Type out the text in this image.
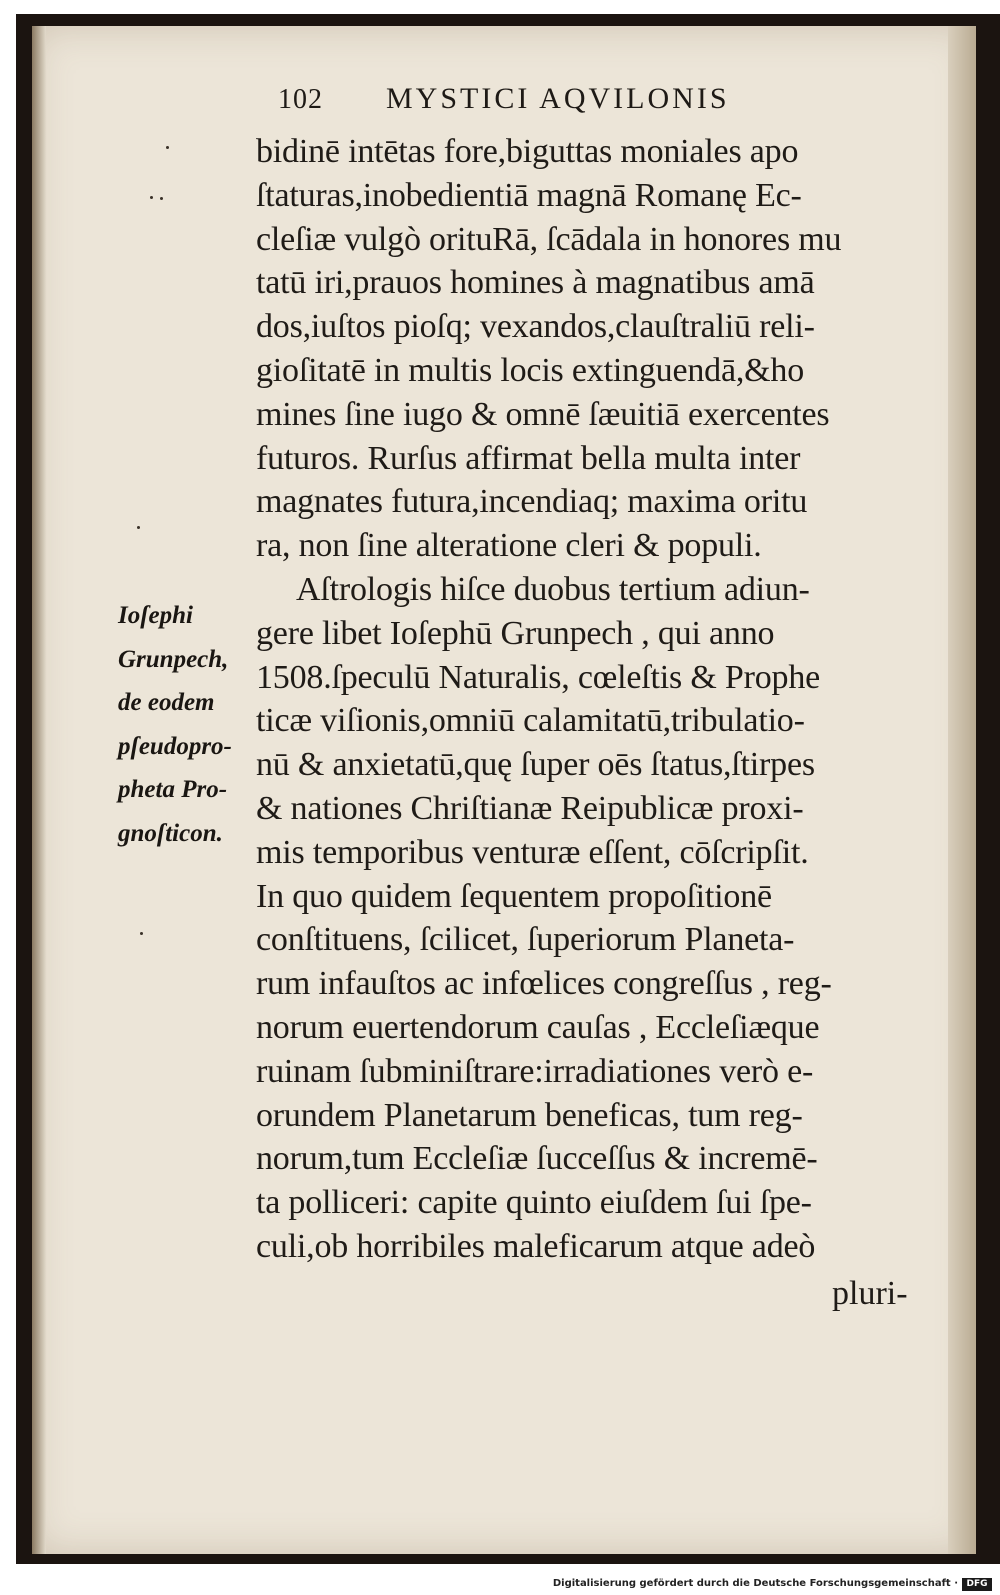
102 MYSTICI AQVILONIS
Ioſephi
Grunpech,
de eodem
pſeudopro-
pheta Pro-
gnoſticon.
bidinē intētas fore,biguttas moniales apo
ſtaturas,inobedientiā magnā Romanę Ec-
cleſiæ vulgò orituRā, ſcādala in honores mu
tatū iri,prauos homines à magnatibus amā
dos,iuſtos pioſq; vexandos,clauſtraliū reli-
gioſitatē in multis locis extinguendā,&ho
mines ſine iugo & omnē ſæuitiā exercentes
futuros. Rurſus affirmat bella multa inter
magnates futura,incendiaq; maxima oritu
ra, non ſine alteratione cleri & populi.
Aſtrologis hiſce duobus tertium adiun-
gere libet Ioſephū Grunpech , qui anno
1508.ſpeculū Naturalis, cœleſtis & Prophe
ticæ viſionis,omniū calamitatū,tribulatio-
nū & anxietatū,quę ſuper oēs ſtatus,ſtirpes
& nationes Chriſtianæ Reipublicæ proxi-
mis temporibus venturæ eſſent, cōſcripſit.
In quo quidem ſequentem propoſitionē
conſtituens, ſcilicet, ſuperiorum Planeta-
rum infauſtos ac infœlices congreſſus , reg-
norum euertendorum cauſas , Eccleſiæque
ruinam ſubminiſtrare:irradiationes verò e-
orundem Planetarum beneficas, tum reg-
norum,tum Eccleſiæ ſucceſſus & incremē-
ta polliceri: capite quinto eiuſdem ſui ſpe-
culi,ob horribiles maleficarum atque adeò
pluri-
Digitalisierung gefördert durch die Deutsche Forschungsgemeinschaft · DFG
